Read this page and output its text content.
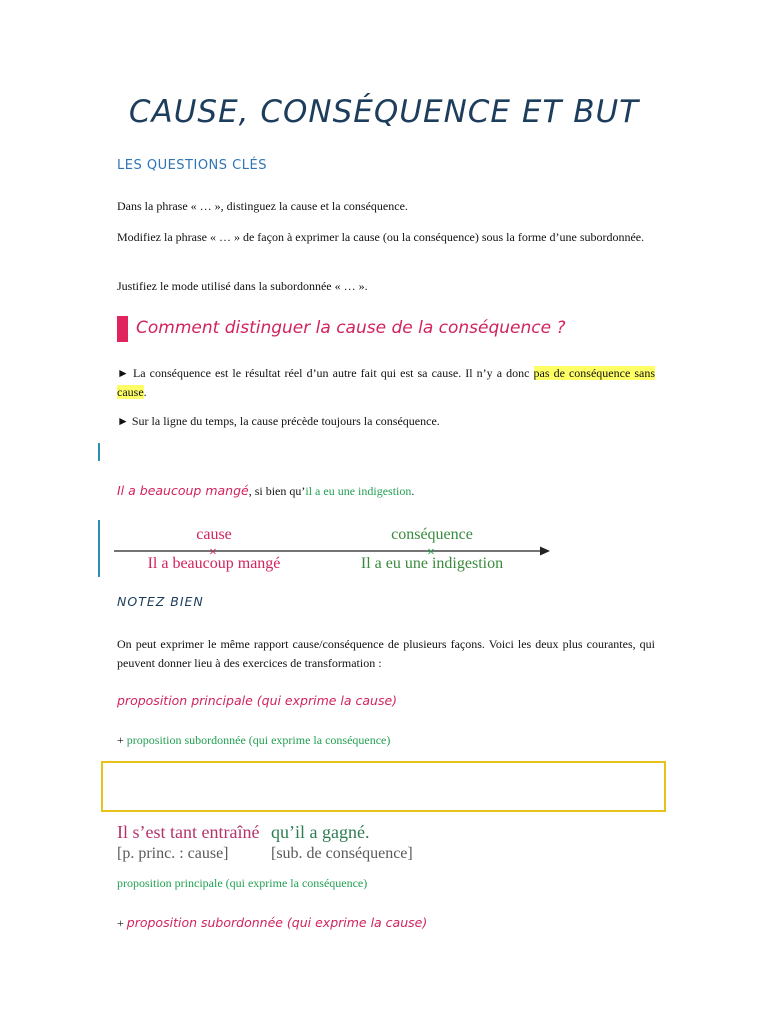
CAUSE, CONSÉQUENCE ET BUT
LES QUESTIONS CLÉS
Dans la phrase « … », distinguez la cause et la conséquence.
Modifiez la phrase « … » de façon à exprimer la cause (ou la conséquence) sous la forme d’une subordonnée.
Justifiez le mode utilisé dans la subordonnée « … ».
Comment distinguer la cause de la conséquence ?
► La conséquence est le résultat réel d’un autre fait qui est sa cause. Il n’y a donc pas de conséquence sans cause.
► Sur la ligne du temps, la cause précède toujours la conséquence.
Il a beaucoup mangé, si bien qu’il a eu une indigestion.
×	×
cause	conséquence
Il a beaucoup mangé	Il a eu une indigestion
NOTEZ BIEN
On peut exprimer le même rapport cause/conséquence de plusieurs façons. Voici les deux plus courantes, qui peuvent donner lieu à des exercices de transformation :
proposition principale (qui exprime la cause)
+ proposition subordonnée (qui exprime la conséquence)
Il s’est tant entraîné qu’il a gagné.
[p. princ. : cause]	[sub. de conséquence]
proposition principale (qui exprime la conséquence)
+ proposition subordonnée (qui exprime la cause)
